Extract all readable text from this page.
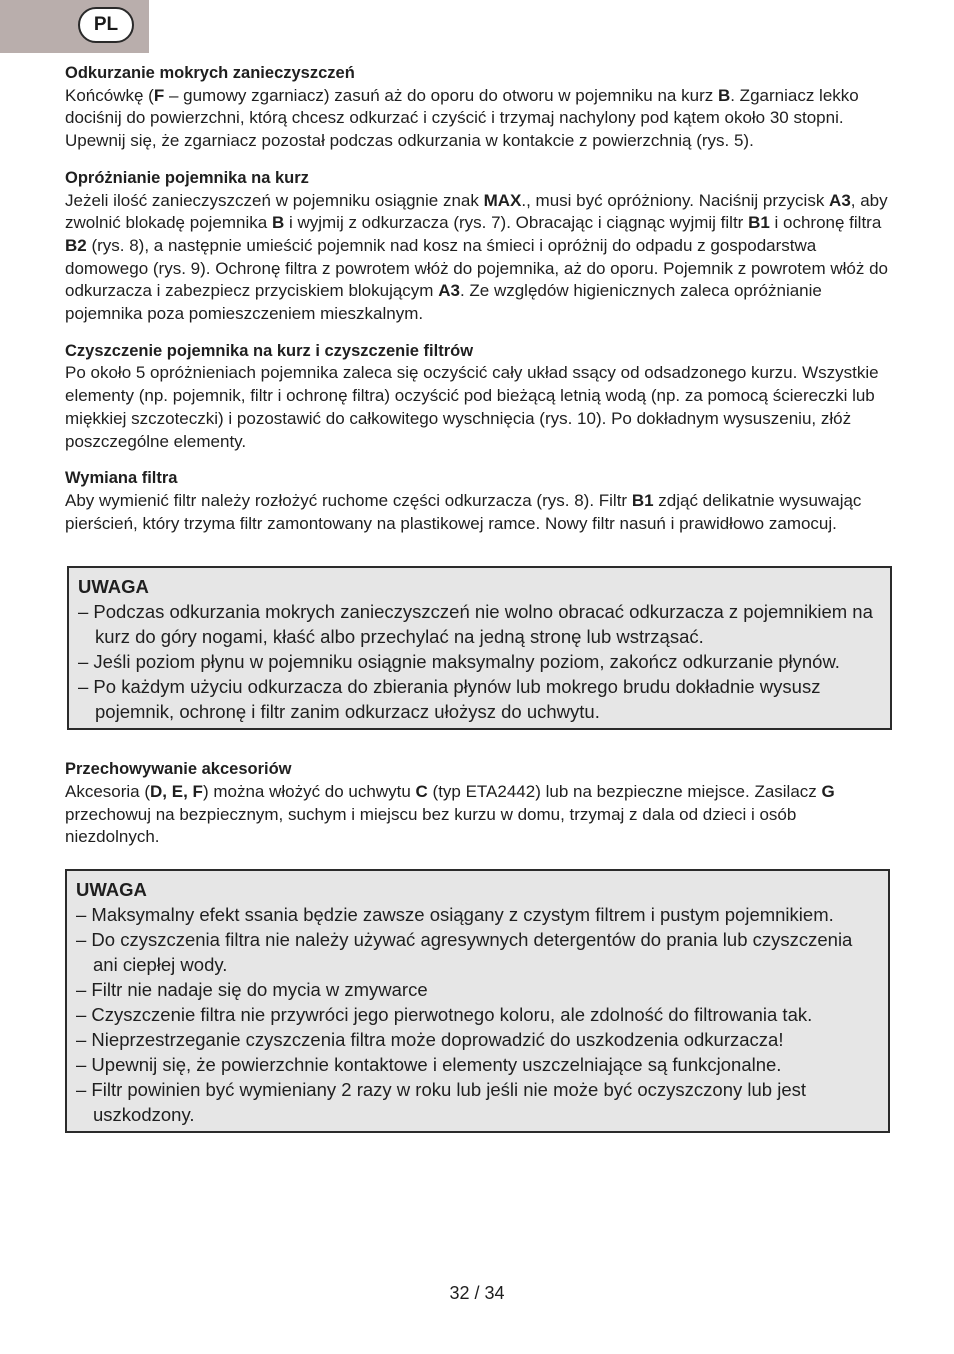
PL

Odkurzanie mokrych zanieczyszczeń

Końcówkę (F – gumowy zgarniacz) zasuń aż do oporu do otworu w pojemniku na kurz B. Zgarniacz lekko dociśnij do powierzchni, którą chcesz odkurzać i czyścić i trzymaj nachylony pod kątem około 30 stopni. Upewnij się, że zgarniacz pozostał podczas odkurzania w kontakcie z powierzchnią (rys. 5).

Opróżnianie pojemnika na kurz

Jeżeli ilość zanieczyszczeń w pojemniku osiągnie znak MAX., musi być opróżniony. Naciśnij przycisk A3, aby zwolnić blokadę pojemnika B i wyjmij z odkurzacza (rys. 7). Obracając i ciągnąc wyjmij filtr B1 i ochronę filtra B2 (rys. 8), a następnie umieścić pojemnik nad kosz na śmieci i opróżnij do odpadu z gospodarstwa domowego (rys. 9). Ochronę filtra z powrotem włóż do pojemnika, aż do oporu. Pojemnik z powrotem włóż do odkurzacza i zabezpiecz przyciskiem blokującym A3. Ze względów higienicznych zaleca opróżnianie pojemnika poza pomieszczeniem mieszkalnym.

Czyszczenie pojemnika na kurz i czyszczenie filtrów

Po około 5 opróżnieniach pojemnika zaleca się oczyścić cały układ ssący od odsadzonego kurzu. Wszystkie elementy (np. pojemnik, filtr i ochronę filtra) oczyścić pod bieżącą letnią wodą (np. za pomocą ściereczki lub miękkiej szczoteczki) i pozostawić do całkowitego wyschnięcia (rys. 10). Po dokładnym wysuszeniu, złóż poszczególne elementy.

Wymiana filtra

Aby wymienić filtr należy rozłożyć ruchome części odkurzacza (rys. 8). Filtr B1 zdjąć delikatnie wysuwając pierścień, który trzyma filtr zamontowany na plastikowej ramce. Nowy filtr nasuń i prawidłowo zamocuj.

UWAGA

– Podczas odkurzania mokrych zanieczyszczeń nie wolno obracać odkurzacza z pojemnikiem na kurz do góry nogami, kłaść albo przechylać na jedną stronę lub wstrząsać.
– Jeśli poziom płynu w pojemniku osiągnie maksymalny poziom, zakończ odkurzanie płynów.
– Po każdym użyciu odkurzacza do zbierania płynów lub mokrego brudu dokładnie wysusz pojemnik, ochronę i filtr zanim odkurzacz ułożysz do uchwytu.

Przechowywanie akcesoriów

Akcesoria (D, E, F) można włożyć do uchwytu C (typ ETA2442) lub na bezpieczne miejsce. Zasilacz G przechowuj na bezpiecznym, suchym i miejscu bez kurzu w domu, trzymaj z dala od dzieci i osób niezdolnych.

UWAGA

– Maksymalny efekt ssania będzie zawsze osiągany z czystym filtrem i pustym pojemnikiem.
– Do czyszczenia filtra nie należy używać agresywnych detergentów do prania lub czyszczenia ani ciepłej wody.
– Filtr nie nadaje się do mycia w zmywarce
– Czyszczenie filtra nie przywróci jego pierwotnego koloru, ale zdolność do filtrowania tak.
– Nieprzestrzeganie czyszczenia filtra może doprowadzić do uszkodzenia odkurzacza!
– Upewnij się, że powierzchnie kontaktowe i elementy uszczelniające są funkcjonalne.
– Filtr powinien być wymieniany 2 razy w roku lub jeśli nie może być oczyszczony lub jest uszkodzony.
32 / 34
